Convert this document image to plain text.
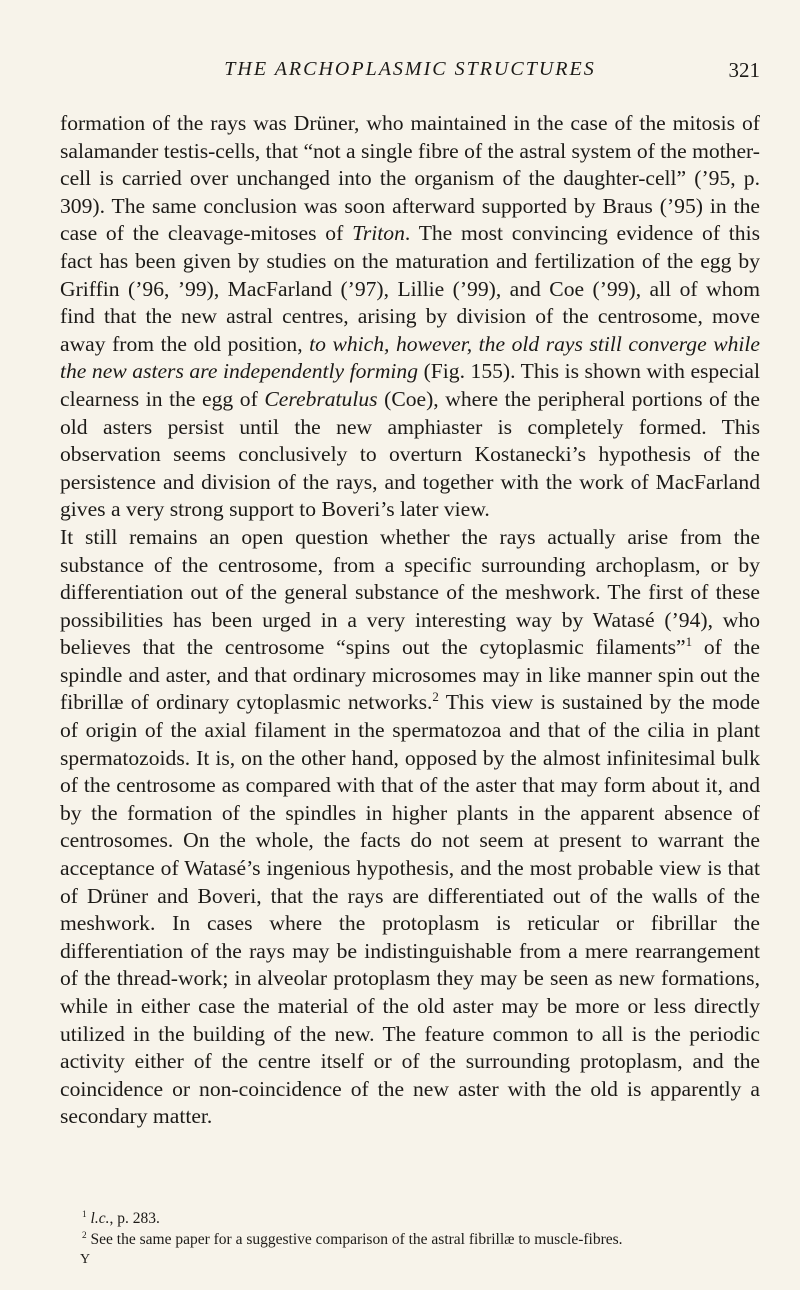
THE ARCHOPLASMIC STRUCTURES	321

formation of the rays was Drüner, who maintained in the case of the mitosis of salamander testis-cells, that “not a single fibre of the astral system of the mother-cell is carried over unchanged into the organism of the daughter-cell” (’95, p. 309). The same conclusion was soon afterward supported by Braus (’95) in the case of the cleavage-mitoses of Triton. The most convincing evidence of this fact has been given by studies on the maturation and fertilization of the egg by Griffin (’96, ’99), MacFarland (’97), Lillie (’99), and Coe (’99), all of whom find that the new astral centres, arising by division of the centrosome, move away from the old position, to which, however, the old rays still converge while the new asters are independently forming (Fig. 155). This is shown with especial clearness in the egg of Cerebratulus (Coe), where the peripheral portions of the old asters persist until the new amphiaster is completely formed. This observation seems conclusively to overturn Kostanecki’s hypothesis of the persistence and division of the rays, and together with the work of MacFarland gives a very strong support to Boveri’s later view.

It still remains an open question whether the rays actually arise from the substance of the centrosome, from a specific surrounding archoplasm, or by differentiation out of the general substance of the meshwork. The first of these possibilities has been urged in a very interesting way by Watasé (’94), who believes that the centrosome “spins out the cytoplasmic filaments”$^1$ of the spindle and aster, and that ordinary microsomes may in like manner spin out the fibrillæ of ordinary cytoplasmic networks.$^2$ This view is sustained by the mode of origin of the axial filament in the spermatozoa and that of the cilia in plant spermatozoids. It is, on the other hand, opposed by the almost infinitesimal bulk of the centrosome as compared with that of the aster that may form about it, and by the formation of the spindles in higher plants in the apparent absence of centrosomes. On the whole, the facts do not seem at present to warrant the acceptance of Watasé’s ingenious hypothesis, and the most probable view is that of Drüner and Boveri, that the rays are differentiated out of the walls of the meshwork. In cases where the protoplasm is reticular or fibrillar the differentiation of the rays may be indistinguishable from a mere rearrangement of the thread-work; in alveolar protoplasm they may be seen as new formations, while in either case the material of the old aster may be more or less directly utilized in the building of the new. The feature common to all is the periodic activity either of the centre itself or of the surrounding protoplasm, and the coincidence or non-coincidence of the new aster with the old is apparently a secondary matter.

$^1$ l.c., p. 283.

$^2$ See the same paper for a suggestive comparison of the astral fibrillæ to muscle-fibres.

Y
